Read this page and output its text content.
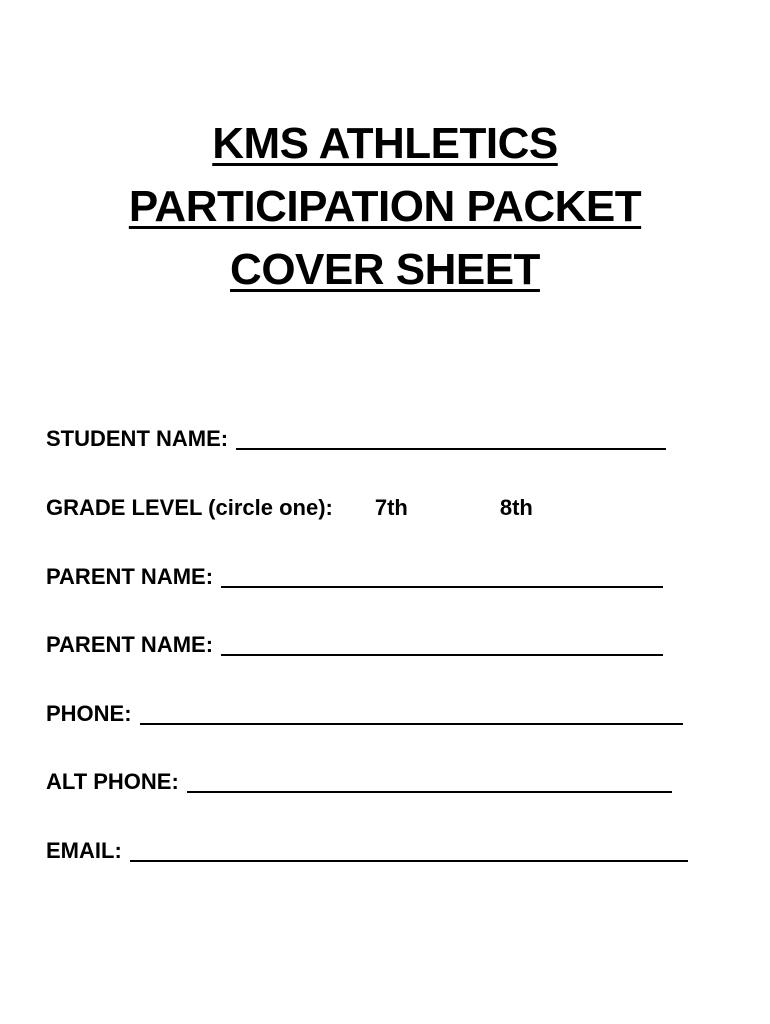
KMS ATHLETICS
PARTICIPATION PACKET
COVER SHEET
STUDENT NAME:
GRADE LEVEL (circle one): 7th	8th
PARENT NAME:
PARENT NAME:
PHONE:
ALT PHONE:
EMAIL:
